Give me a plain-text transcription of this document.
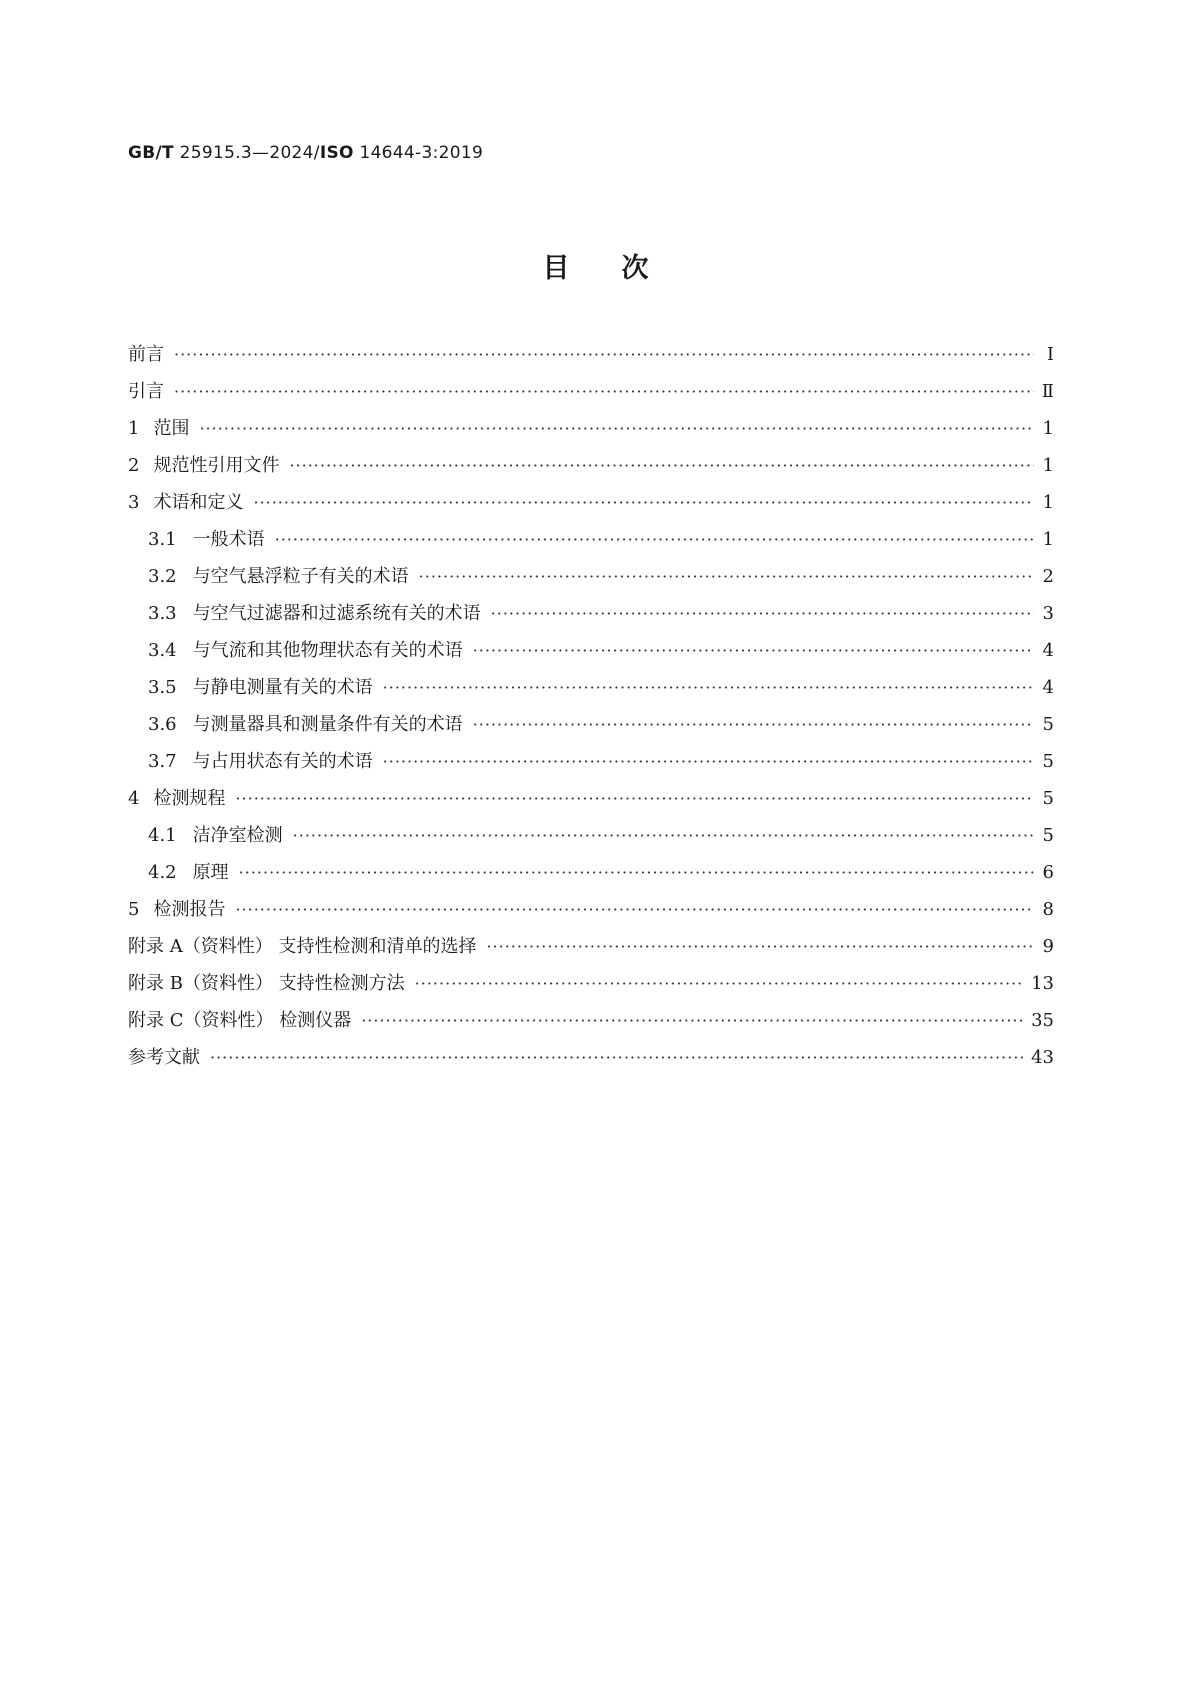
GB/T 25915.3—2024/ISO 14644-3:2019
目次
前言 ·····	Ⅰ
引言 ·····	Ⅱ
1 范围 ·····	1
2 规范性引用文件 ·····	1
3 术语和定义 ·····	1
3.1 一般术语 ·····	1
3.2 与空气悬浮粒子有关的术语 ·····	2
3.3 与空气过滤器和过滤系统有关的术语 ·····	3
3.4 与气流和其他物理状态有关的术语 ·····	4
3.5 与静电测量有关的术语 ·····	4
3.6 与测量器具和测量条件有关的术语 ·····	5
3.7 与占用状态有关的术语 ·····	5
4 检测规程 ·····	5
4.1 洁净室检测 ·····	5
4.2 原理 ·····	6
5 检测报告 ·····	8
附录 A（资料性） 支持性检测和清单的选择 ·····	9
附录 B（资料性） 支持性检测方法 ·····	13
附录 C（资料性） 检测仪器 ·····	35
参考文献 ·····	43
